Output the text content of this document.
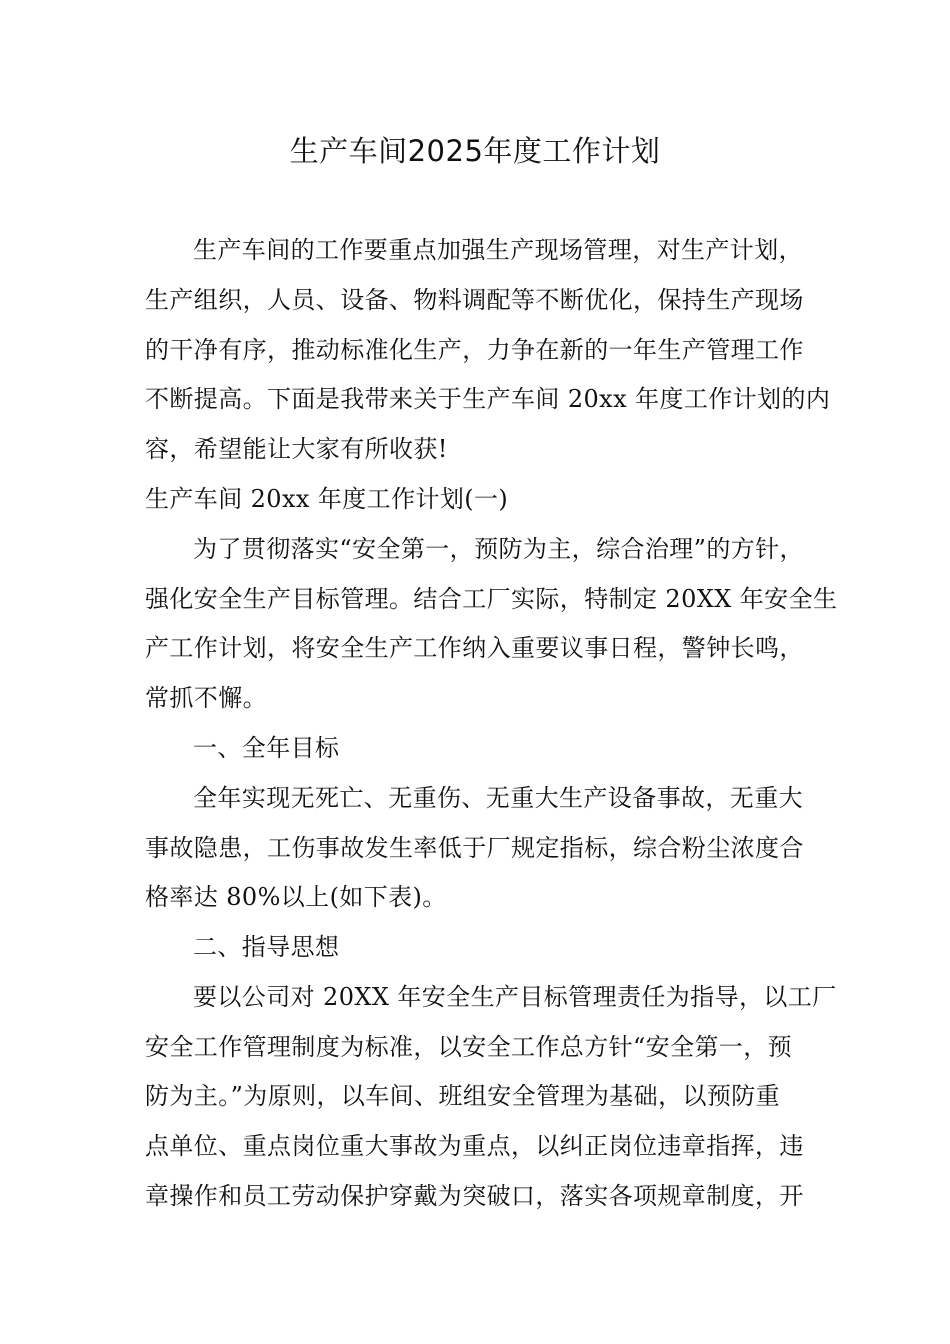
生产车间2025年度工作计划
生产车间的工作要重点加强生产现场管理，对生产计划，
生产组织，人员、设备、物料调配等不断优化，保持生产现场
的干净有序，推动标准化生产，力争在新的一年生产管理工作
不断提高。下面是我带来关于生产车间 20xx 年度工作计划的内
容，希望能让大家有所收获!
生产车间 20xx 年度工作计划(一)
为了贯彻落实“安全第一，预防为主，综合治理”的方针，
强化安全生产目标管理。结合工厂实际，特制定 20XX 年安全生
产工作计划，将安全生产工作纳入重要议事日程，警钟长鸣，
常抓不懈。
一、全年目标
全年实现无死亡、无重伤、无重大生产设备事故，无重大
事故隐患，工伤事故发生率低于厂规定指标，综合粉尘浓度合
格率达 80%以上(如下表)。
二、指导思想
要以公司对 20XX 年安全生产目标管理责任为指导，以工厂
安全工作管理制度为标准，以安全工作总方针“安全第一，预
防为主。”为原则，以车间、班组安全管理为基础，以预防重
点单位、重点岗位重大事故为重点，以纠正岗位违章指挥，违
章操作和员工劳动保护穿戴为突破口，落实各项规章制度，开
